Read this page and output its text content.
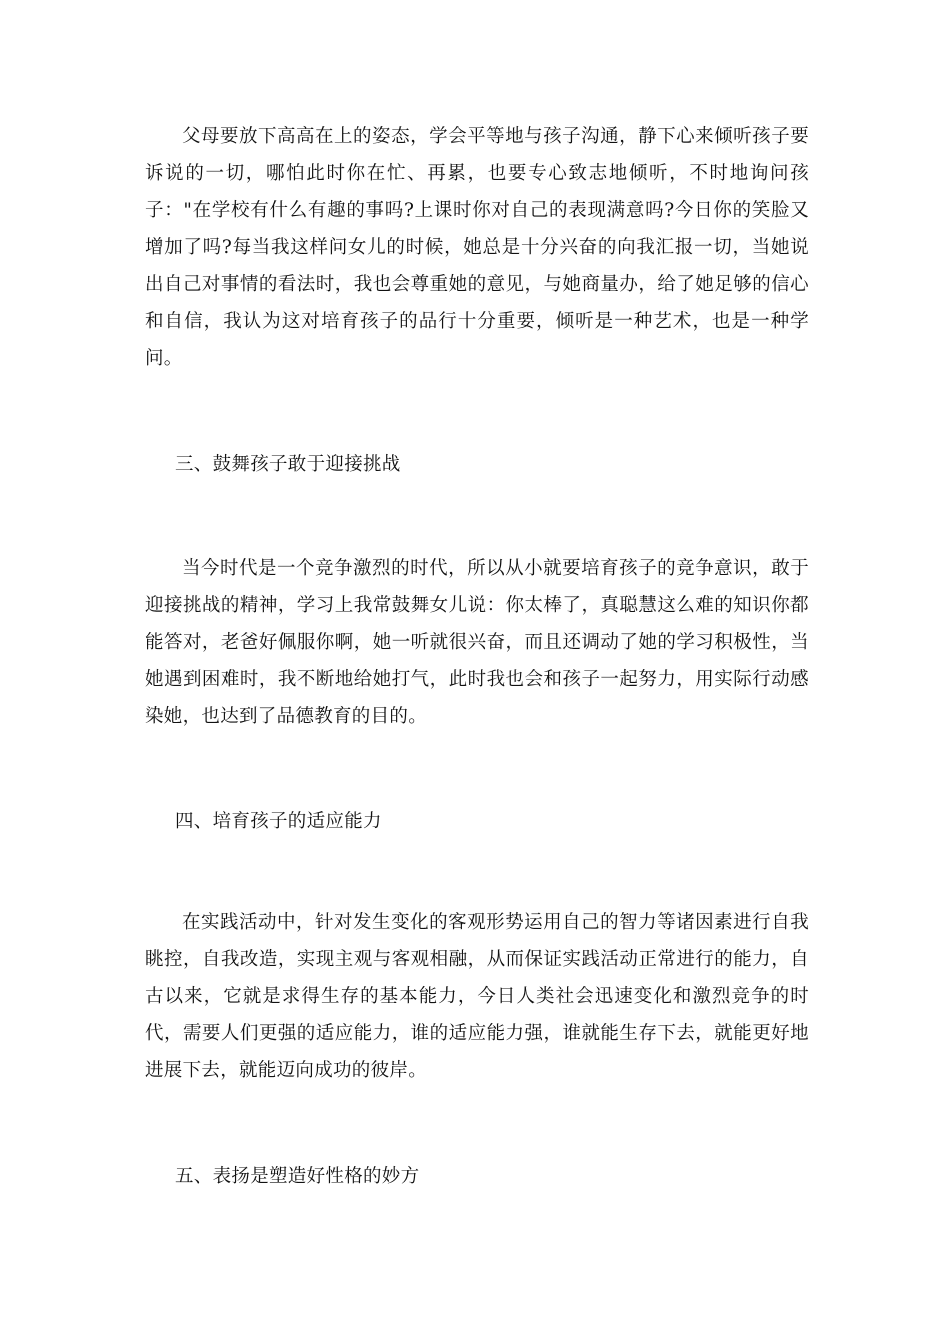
父母要放下高高在上的姿态，学会平等地与孩子沟通，静下心来倾听孩子要诉说的一切，哪怕此时你在忙、再累，也要专心致志地倾听，不时地询问孩子："在学校有什么有趣的事吗?上课时你对自己的表现满意吗?今日你的笑脸又增加了吗?每当我这样问女儿的时候，她总是十分兴奋的向我汇报一切，当她说出自己对事情的看法时，我也会尊重她的意见，与她商量办，给了她足够的信心和自信，我认为这对培育孩子的品行十分重要，倾听是一种艺术，也是一种学问。

三、鼓舞孩子敢于迎接挑战

当今时代是一个竞争激烈的时代，所以从小就要培育孩子的竞争意识，敢于迎接挑战的精神，学习上我常鼓舞女儿说：你太棒了，真聪慧这么难的知识你都能答对，老爸好佩服你啊，她一听就很兴奋，而且还调动了她的学习积极性，当她遇到困难时，我不断地给她打气，此时我也会和孩子一起努力，用实际行动感染她，也达到了品德教育的目的。

四、培育孩子的适应能力

在实践活动中，针对发生变化的客观形势运用自己的智力等诸因素进行自我眺控，自我改造，实现主观与客观相融，从而保证实践活动正常进行的能力，自古以来，它就是求得生存的基本能力，今日人类社会迅速变化和激烈竞争的时代，需要人们更强的适应能力，谁的适应能力强，谁就能生存下去，就能更好地进展下去，就能迈向成功的彼岸。

五、表扬是塑造好性格的妙方
